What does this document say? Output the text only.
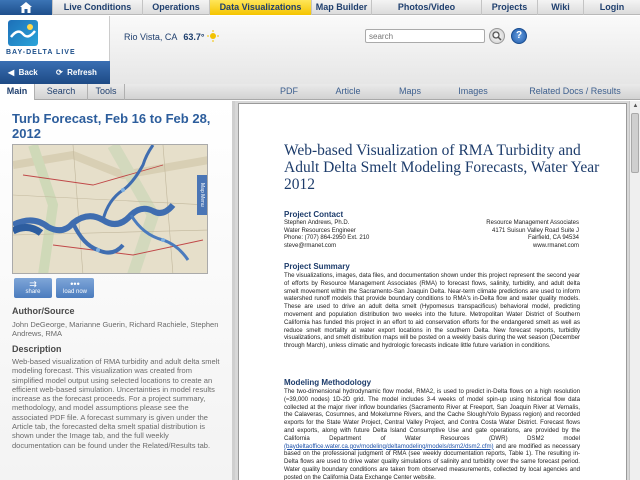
Live Conditions	Operations	Data Visualizations	Map Builder	Photos/Video	Projects	Wiki	Login
BAY-DELTA LIVE
Rio Vista, CA 63.7°
search	?
◀ Back ⟳ Refresh
Main	Search	Tools	PDF	Article	Maps	Images	Related Docs / Results
Turb Forecast, Feb 16 to Feb 28, 2012
Map Menu
⇉
share
•••
load now
Author/Source
John DeGeorge, Marianne Guerin, Richard Rachiele, Stephen Andrews, RMA
Description
Web-based visualization of RMA turbidity and adult delta smelt modeling forecast. This visualization was created from simplified model output using selected locations to create an efficient web-based simulation. Uncertainties in model results increase as the forecast proceeds. For a project summary, methodology, and model assumptions please see the associated PDF file. A forecast summary is given under the Article tab, the forecasted delta smelt spatial distribution is shown under the Image tab, and the full weekly documentation can be found under the Related/Results tab.
Web-based Visualization of RMA Turbidity and Adult Delta Smelt Modeling Forecasts, Water Year 2012
Project Contact
Stephen Andrews, Ph.D.
Water Resources Engineer
Phone: (707) 864-2950 Ext. 210
steve@rmanet.com
Resource Management Associates
4171 Suisun Valley Road Suite J
Fairfield, CA 94534
www.rmanet.com
Project Summary
The visualizations, images, data files, and documentation shown under this project represent the second year of efforts by Resource Management Associates (RMA) to forecast flows, salinity, turbidity, and adult delta smelt movement within the Sacramento-San Joaquin Delta. Near-term climate predictions are used to inform watershed runoff models that provide boundary conditions to RMA's in-Delta flow and water quality models. These are used to drive an adult delta smelt (Hypomesus transpacificus) behavioral model, predicting movement and population distribution two weeks into the future. Metropolitan Water District of Southern California has funded this project in an effort to aid conservation efforts for the endangered smelt as well as reduce smelt mortality at water export locations in the southern Delta. New forecast reports, turbidity visualizations, and smelt distribution maps will be posted on a weekly basis during the wet season (December through March), unless climatic and hydrologic forecasts indicate little future variation in conditions.
Modeling Methodology
The two-dimensional hydrodynamic flow model, RMA2, is used to predict in-Delta flows on a high resolution (≈39,000 nodes) 1D-2D grid. The model includes 3-4 weeks of model spin-up using historical flow data collected at the major river inflow boundaries (Sacramento River at Freeport, San Joaquin River at Vernalis, the Calaveras, Cosumnes, and Mokelumne Rivers, and the Cache Slough/Yolo Bypass region) and recorded exports for the State Water Project, Central Valley Project, and Contra Costa Water District. Forecast flows and exports, along with future Delta Island Consumptive Use and gate operations, are provided by the California Department of Water Resources (DWR) DSM2 model (baydeltaoffice.water.ca.gov/modeling/deltamodeling/models/dsm2/dsm2.cfm) and are modified as necessary based on the professional judgment of RMA (see weekly documentation reports, Table 1). The resulting in-Delta flows are used to drive water quality simulations of salinity and turbidity over the same forecast period. Water quality boundary conditions are taken from observed measurements, collected by local agencies and posted on the California Data Exchange Center website.
▲
